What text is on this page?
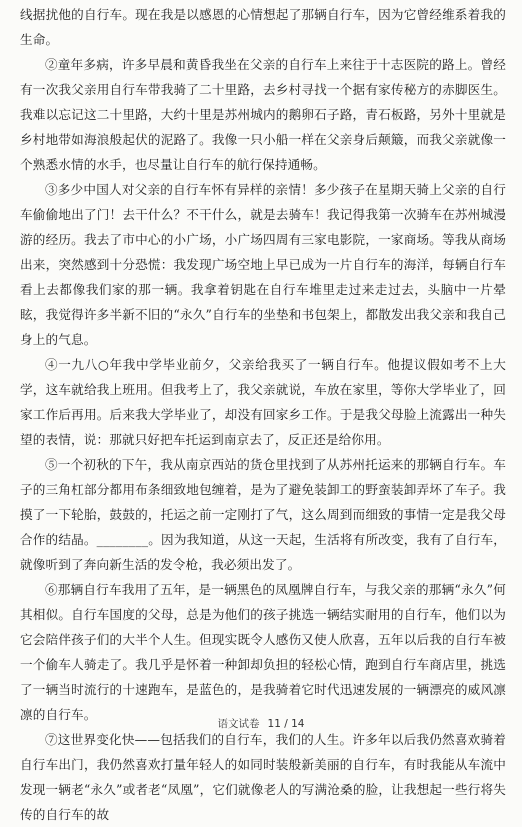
线据扰他的自行车。现在我是以感恩的心情想起了那辆自行车，因为它曾经维系着我的生命。

②童年多病，许多早晨和黄昏我坐在父亲的自行车上来往于十志医院的路上。曾经有一次我父亲用自行车带我骑了二十里路，去乡村寻找一个据有家传秘方的赤脚医生。我难以忘记这二十里路，大约十里是苏州城内的鹅卵石子路，青石板路，另外十里就是乡村地带如海浪般起伏的泥路了。我像一只小船一样在父亲身后颠簸，而我父亲就像一个熟悉水情的水手，也尽量让自行车的航行保持通畅。

③多少中国人对父亲的自行车怀有异样的亲情！多少孩子在星期天骑上父亲的自行车偷偷地出了门！去干什么？不干什么，就是去骑车！我记得我第一次骑车在苏州城漫游的经历。我去了市中心的小广场，小广场四周有三家电影院，一家商场。等我从商场出来，突然感到十分恐慌：我发现广场空地上早已成为一片自行车的海洋，每辆自行车看上去都像我们家的那一辆。我拿着钥匙在自行车堆里走过来走过去，头脑中一片晕眩，我觉得许多半新不旧的“永久”自行车的坐垫和书包架上，都散发出我父亲和我自己身上的气息。

④一九八○年我中学毕业前夕，父亲给我买了一辆自行车。他提议假如考不上大学，这车就给我上班用。但我考上了，我父亲就说，车放在家里，等你大学毕业了，回家工作后再用。后来我大学毕业了，却没有回家乡工作。于是我父母脸上流露出一种失望的表情，说：那就只好把车托运到南京去了，反正还是给你用。

⑤一个初秋的下午，我从南京西站的货仓里找到了从苏州托运来的那辆自行车。车子的三角杠部分都用布条细致地包缠着，是为了避免装卸工的野蛮装卸弄坏了车子。我摸了一下轮胎，鼓鼓的，托运之前一定刚打了气，这么周到而细致的事情一定是我父母合作的结晶。________。因为我知道，从这一天起，生活将有所改变，我有了自行车，就像听到了奔向新生活的发令枪，我必须出发了。

⑥那辆自行车我用了五年，是一辆黑色的凤凰牌自行车，与我父亲的那辆“永久”何其相似。自行车国度的父母，总是为他们的孩子挑选一辆结实耐用的自行车，他们以为它会陪伴孩子们的大半个人生。但现实既令人感伤又使人欣喜，五年以后我的自行车被一个偷车人骑走了。我几乎是怀着一种卸却负担的轻松心情，跑到自行车商店里，挑选了一辆当时流行的十速跑车，是蓝色的，是我骑着它时代迅速发展的一辆漂亮的威风凛凛的自行车。

⑦这世界变化快——包括我们的自行车，我们的人生。许多年以后我仍然喜欢骑着自行车出门，我仍然喜欢打量年轻人的如同时装般新美丽的自行车，有时我能从车流中发现一辆老“永久”或者老“凤凰”，它们就像老人的写满沧桑的脸，让我想起一些行将失传的自行车的故

语文试卷 11 / 14
